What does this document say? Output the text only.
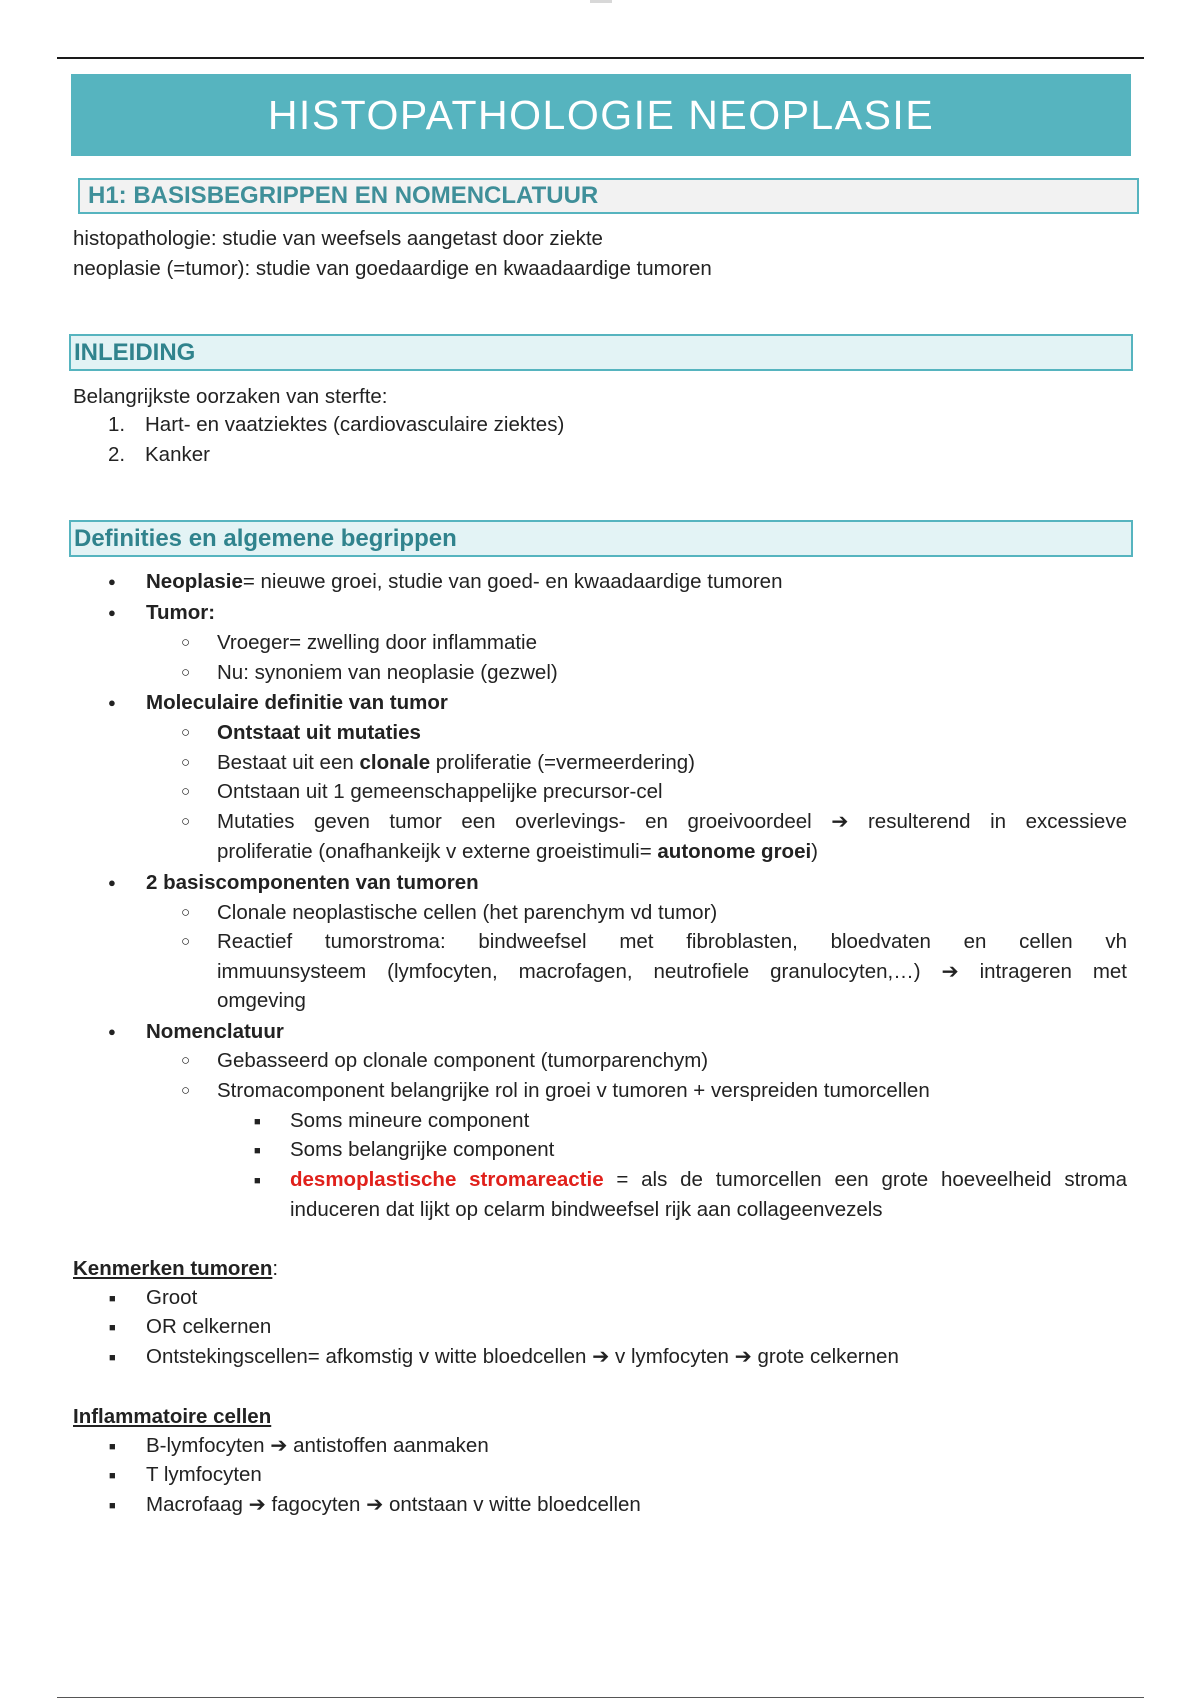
HISTOPATHOLOGIE NEOPLASIE
H1: BASISBEGRIPPEN EN NOMENCLATUUR
histopathologie: studie van weefsels aangetast door ziekte
neoplasie (=tumor): studie van goedaardige en kwaadaardige tumoren
INLEIDING
Belangrijkste oorzaken van sterfte:
1. Hart- en vaatziektes (cardiovasculaire ziektes)
2. Kanker
Definities en algemene begrippen
● Neoplasie= nieuwe groei, studie van goed- en kwaadaardige tumoren
● Tumor:
○ Vroeger= zwelling door inflammatie
○ Nu: synoniem van neoplasie (gezwel)
● Moleculaire definitie van tumor
○ Ontstaat uit mutaties
○ Bestaat uit een clonale proliferatie (=vermeerdering)
○ Ontstaan uit 1 gemeenschappelijke precursor-cel
○ Mutaties geven tumor een overlevings- en groeivoordeel ➔ resulterend in excessieve
proliferatie (onafhankeijk v externe groeistimuli= autonome groei)
● 2 basiscomponenten van tumoren
○ Clonale neoplastische cellen (het parenchym vd tumor)
○ Reactief tumorstroma: bindweefsel met fibroblasten, bloedvaten en cellen vh
immuunsysteem (lymfocyten, macrofagen, neutrofiele granulocyten,…) ➔ intrageren met
omgeving
● Nomenclatuur
○ Gebasseerd op clonale component (tumorparenchym)
○ Stromacomponent belangrijke rol in groei v tumoren + verspreiden tumorcellen
■ Soms mineure component
■ Soms belangrijke component
■ desmoplastische stromareactie = als de tumorcellen een grote hoeveelheid stroma
induceren dat lijkt op celarm bindweefsel rijk aan collageenvezels
Kenmerken tumoren:
■ Groot
■ OR celkernen
■ Ontstekingscellen= afkomstig v witte bloedcellen ➔ v lymfocyten ➔ grote celkernen
Inflammatoire cellen
■ B-lymfocyten ➔ antistoffen aanmaken
■ T lymfocyten
■ Macrofaag ➔ fagocyten ➔ ontstaan v witte bloedcellen
